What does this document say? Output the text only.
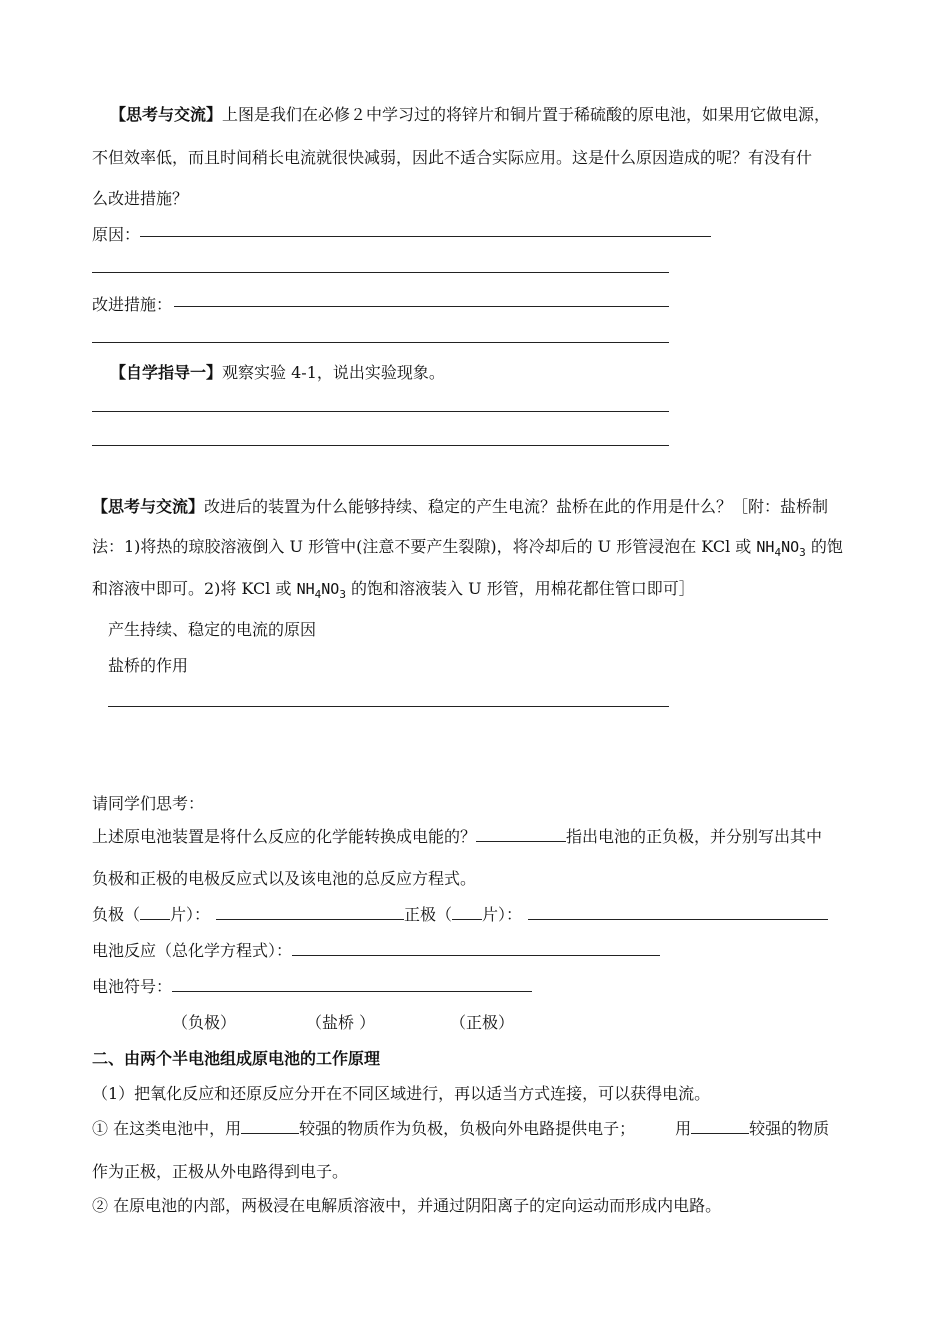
【思考与交流】上图是我们在必修２中学习过的将锌片和铜片置于稀硫酸的原电池，如果用它做电源，
不但效率低，而且时间稍长电流就很快减弱，因此不适合实际应用。这是什么原因造成的呢？有没有什
么改进措施？
原因：
改进措施：
【自学指导一】观察实验 4-1，说出实验现象。
【思考与交流】改进后的装置为什么能够持续、稳定的产生电流？盐桥在此的作用是什么？［附：盐桥制
法：1)将热的琼胶溶液倒入 U 形管中(注意不要产生裂隙)，将冷却后的 U 形管浸泡在 KCl 或 $NH_4NO_3$ 的饱
和溶液中即可。2)将 KCl 或 $NH_4NO_3$ 的饱和溶液装入 U 形管，用棉花都住管口即可］
产生持续、稳定的电流的原因
盐桥的作用
请同学们思考：
上述原电池装置是将什么反应的化学能转换成电能的？	指出电池的正负极，并分别写出其中
负极和正极的电极反应式以及该电池的总反应方程式。
负极（ 片）：	正极（ 片）：
电池反应（总化学方程式）：
电池符号：
（负极）	（盐桥 ）	（正极）
二、由两个半电池组成原电池的工作原理
（1）把氧化反应和还原反应分开在不同区域进行，再以适当方式连接，可以获得电流。
① 在这类电池中，用	较强的物质作为负极，负极向外电路提供电子；	用	较强的物质
作为正极，正极从外电路得到电子。
② 在原电池的内部，两极浸在电解质溶液中，并通过阴阳离子的定向运动而形成内电路。
